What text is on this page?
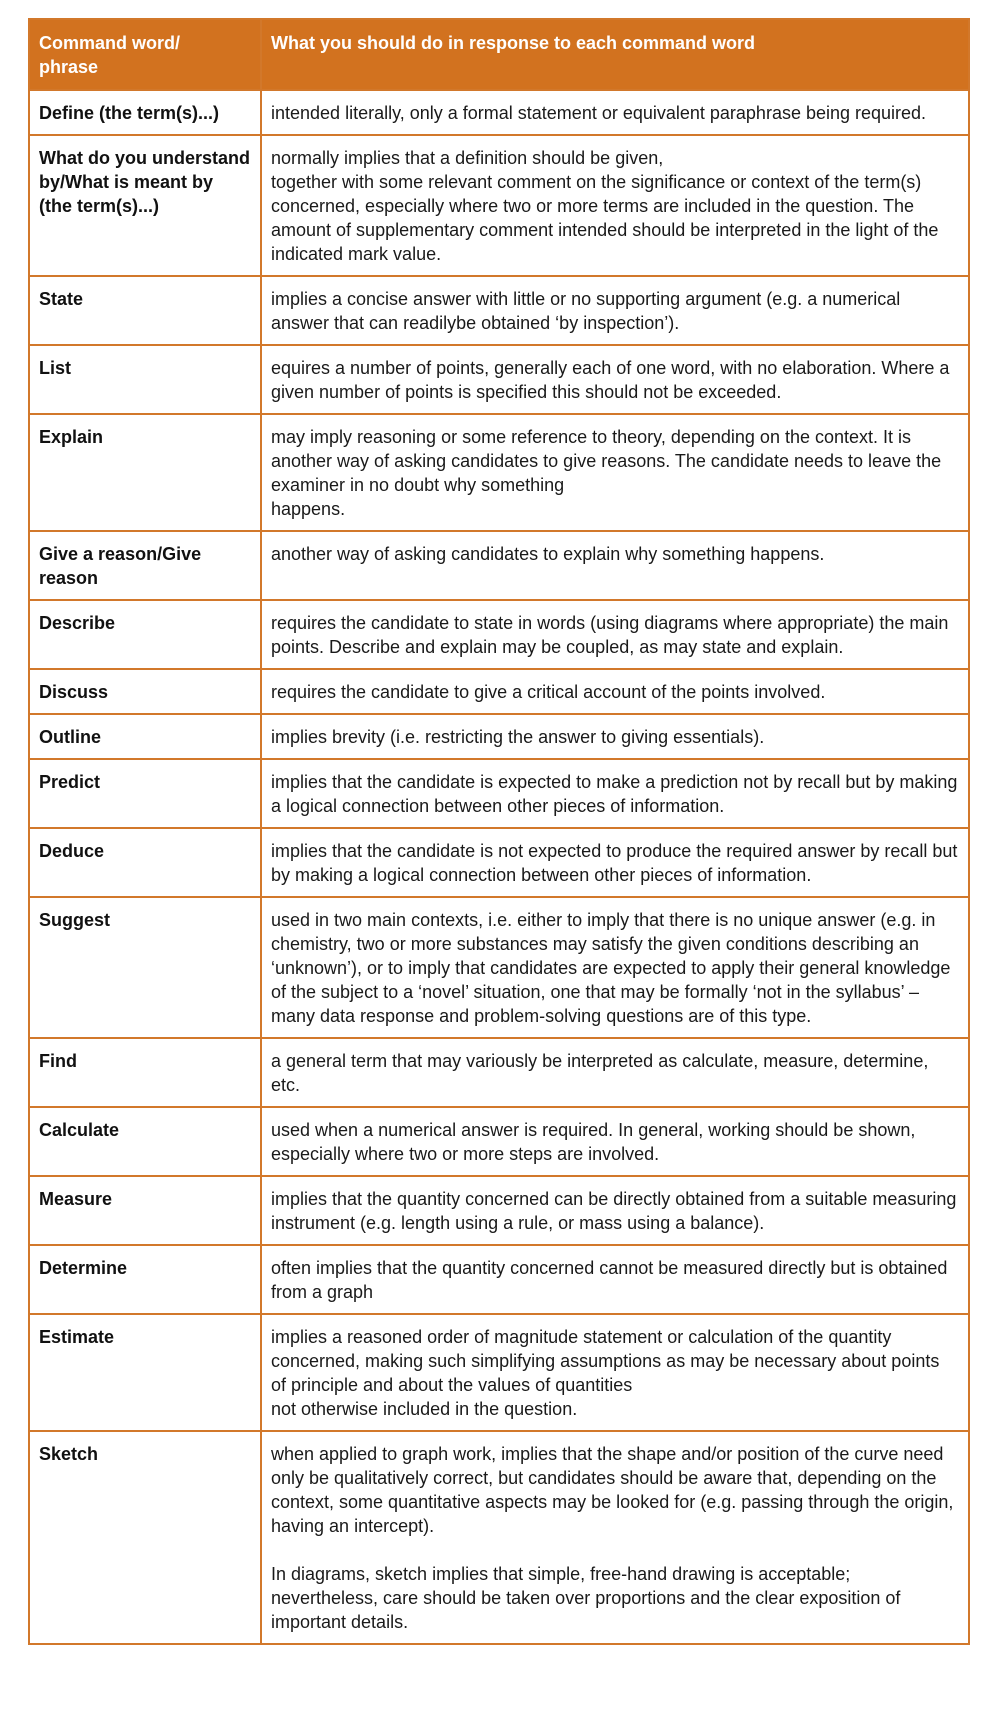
Command word/
phrase	What you should do in response to each command word
Define (the term(s)...)	intended literally, only a formal statement or equivalent paraphrase being required.

What do you understand by/What is meant by (the term(s)...)	normally implies that a definition should be given,
together with some relevant comment on the significance or context of the term(s) concerned, especially where two or more terms are included in the question. The amount of supplementary comment intended should be interpreted in the light of the indicated mark value.

State	implies a concise answer with little or no supporting argument (e.g. a numerical answer that can readilybe obtained ‘by inspection’).

List	equires a number of points, generally each of one word, with no elaboration. Where a given number of points is specified this should not be exceeded.

Explain	may imply reasoning or some reference to theory, depending on the context. It is another way of asking candidates to give reasons. The candidate needs to leave the examiner in no doubt why something
happens.

Give a reason/Give reason	another way of asking candidates to explain why something happens.

Describe	requires the candidate to state in words (using diagrams where appropriate) the main points. Describe and explain may be coupled, as may state and explain.

Discuss	requires the candidate to give a critical account of the points involved.

Outline	implies brevity (i.e. restricting the answer to giving essentials).

Predict	implies that the candidate is expected to make a prediction not by recall but by making a logical connection between other pieces of information.

Deduce	implies that the candidate is not expected to produce the required answer by recall but by making a logical connection between other pieces of information.

Suggest	used in two main contexts, i.e. either to imply that there is no unique answer (e.g. in chemistry, two or more substances may satisfy the given conditions describing an ‘unknown’), or to imply that candidates are expected to apply their general knowledge of the subject to a ‘novel’ situation, one that may be formally ‘not in the syllabus’ – many data response and problem-solving questions are of this type.

Find	a general term that may variously be interpreted as calculate, measure, determine, etc.

Calculate	used when a numerical answer is required. In general, working should be shown, especially where two or more steps are involved.

Measure	implies that the quantity concerned can be directly obtained from a suitable measuring instrument (e.g. length using a rule, or mass using a balance).

Determine	often implies that the quantity concerned cannot be measured directly but is obtained from a graph

Estimate	implies a reasoned order of magnitude statement or calculation of the quantity concerned, making such simplifying assumptions as may be necessary about points of principle and about the values of quantities
not otherwise included in the question.

Sketch	when applied to graph work, implies that the shape and/or position of the curve need only be qualitatively correct, but candidates should be aware that, depending on the context, some quantitative aspects may be looked for (e.g. passing through the origin, having an intercept).
In diagrams, sketch implies that simple, free-hand drawing is acceptable; nevertheless, care should be taken over proportions and the clear exposition of important details.
